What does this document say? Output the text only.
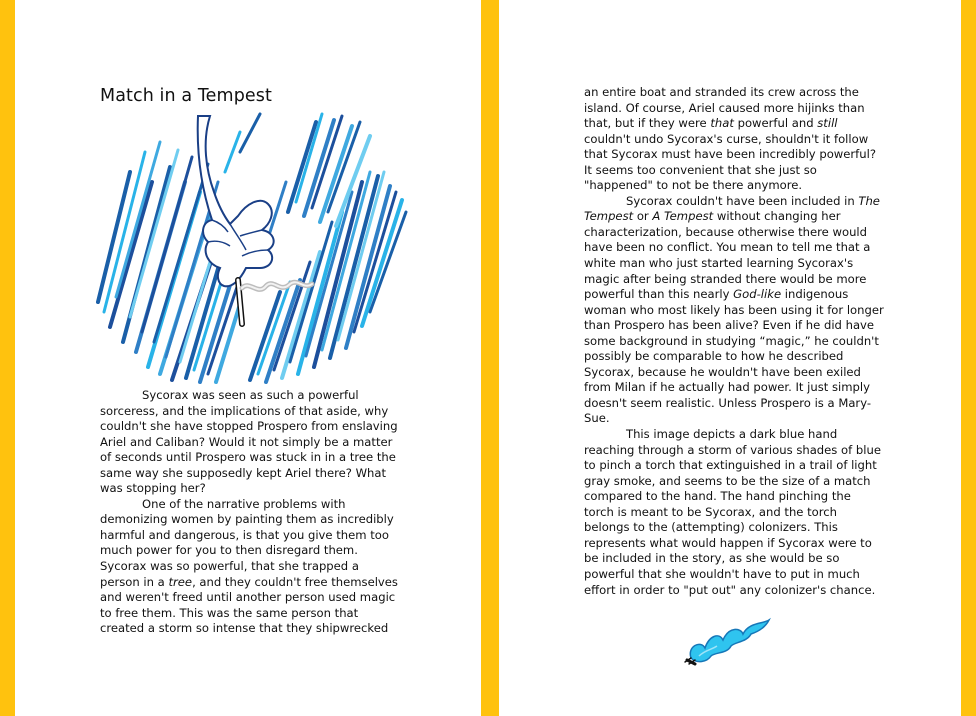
Match in a Tempest

Sycorax was seen as such a powerful sorceress, and the implications of that aside, why couldn't she have stopped Prospero from enslaving Ariel and Caliban? Would it not simply be a matter of seconds until Prospero was stuck in in a tree the same way she supposedly kept Ariel there? What was stopping her?

One of the narrative problems with demonizing women by painting them as incredibly harmful and dangerous, is that you give them too much power for you to then disregard them. Sycorax was so powerful, that she trapped a person in a tree, and they couldn't free themselves and weren't freed until another person used magic to free them. This was the same person that created a storm so intense that they shipwrecked

an entire boat and stranded its crew across the island. Of course, Ariel caused more hijinks than that, but if they were that powerful and still couldn't undo Sycorax's curse, shouldn't it follow that Sycorax must have been incredibly powerful? It seems too convenient that she just so "happened" to not be there anymore.

Sycorax couldn't have been included in The Tempest or A Tempest without changing her characterization, because otherwise there would have been no conflict. You mean to tell me that a white man who just started learning Sycorax's magic after being stranded there would be more powerful than this nearly God-like indigenous woman who most likely has been using it for longer than Prospero has been alive? Even if he did have some background in studying “magic,” he couldn't possibly be comparable to how he described Sycorax, because he wouldn't have been exiled from Milan if he actually had power. It just simply doesn't seem realistic. Unless Prospero is a Mary-Sue.

This image depicts a dark blue hand reaching through a storm of various shades of blue to pinch a torch that extinguished in a trail of light gray smoke, and seems to be the size of a match compared to the hand. The hand pinching the torch is meant to be Sycorax, and the torch belongs to the (attempting) colonizers. This represents what would happen if Sycorax were to be included in the story, as she would be so powerful that she wouldn't have to put in much effort in order to "put out" any colonizer's chance.
